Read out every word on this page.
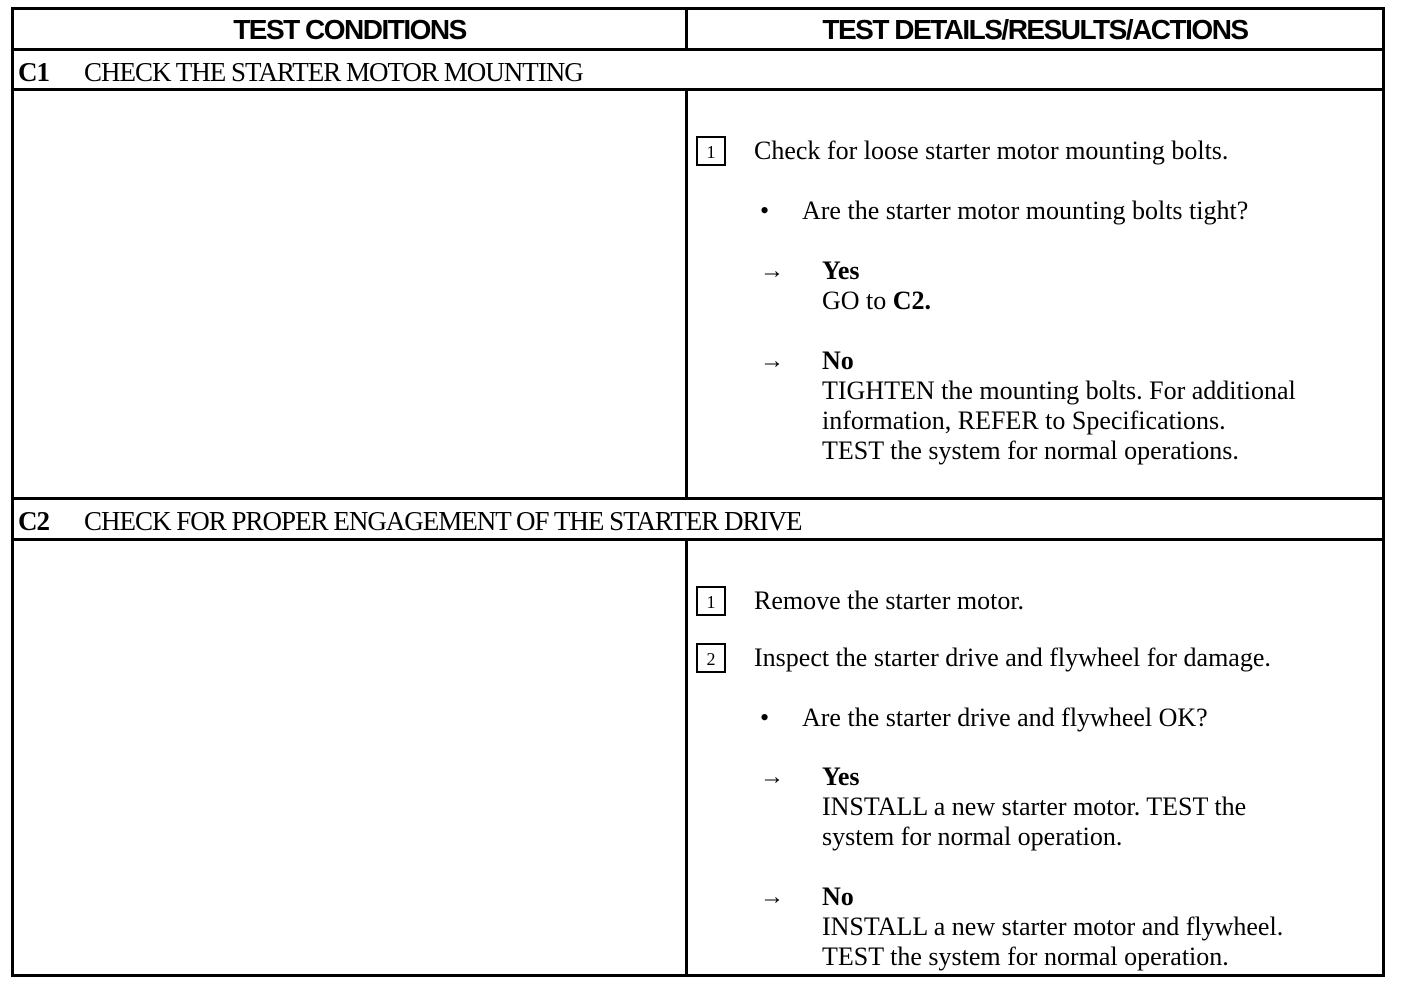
TEST CONDITIONS	TEST DETAILS/RESULTS/ACTIONS
C1 CHECK THE STARTER MOTOR MOUNTING
1	Check for loose starter motor mounting bolts.
• Are the starter motor mounting bolts tight?
→	Yes
GO to C2.
→	No
TIGHTEN the mounting bolts. For additional
information, REFER to Specifications.
TEST the system for normal operations.
C2 CHECK FOR PROPER ENGAGEMENT OF THE STARTER DRIVE
1	Remove the starter motor.
2	Inspect the starter drive and flywheel for damage.
• Are the starter drive and flywheel OK?
→	Yes
INSTALL a new starter motor. TEST the
system for normal operation.
→	No
INSTALL a new starter motor and flywheel.
TEST the system for normal operation.
